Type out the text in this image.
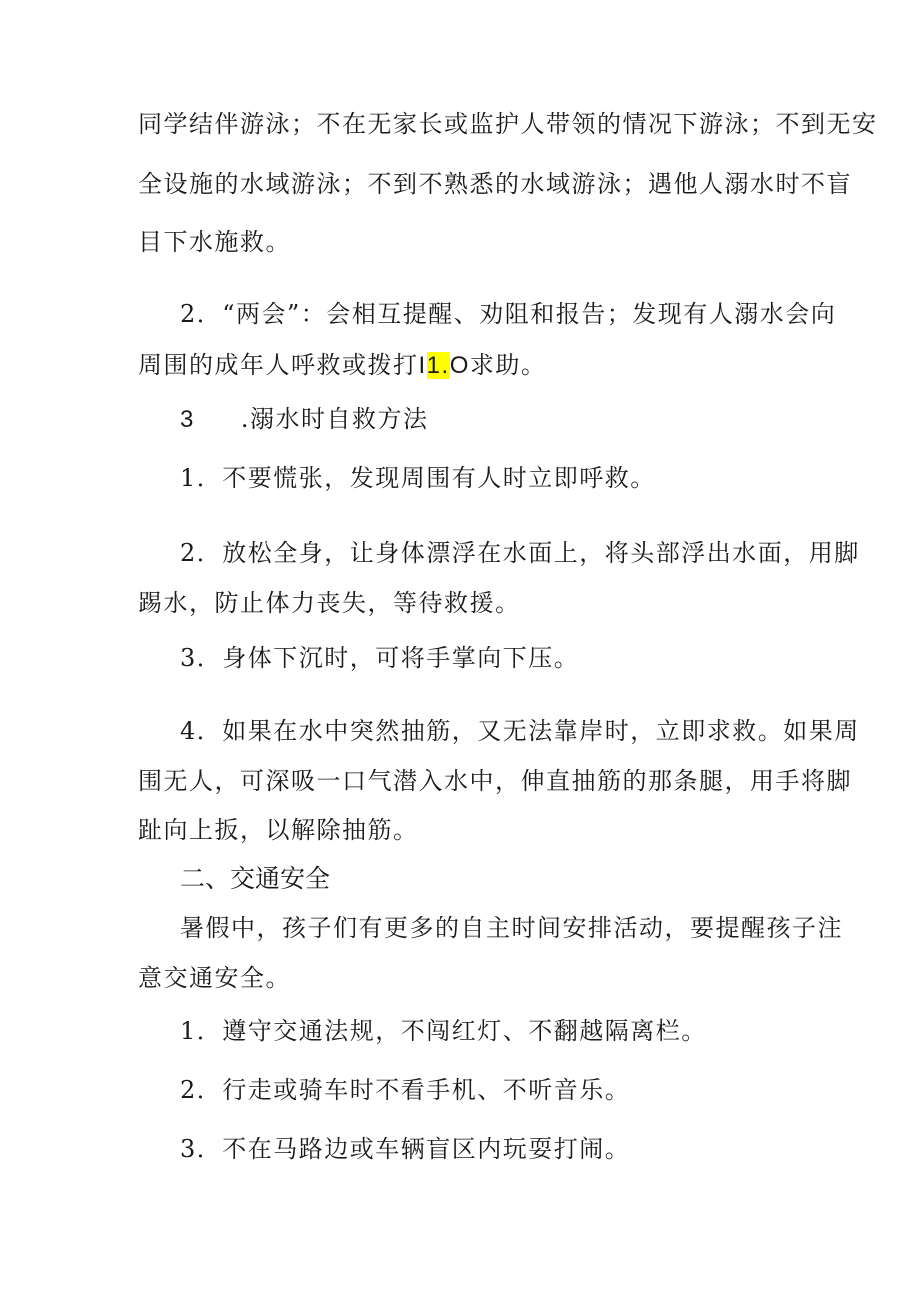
同学结伴游泳；不在无家长或监护人带领的情况下游泳；不到无安
全设施的水域游泳；不到不熟悉的水域游泳；遇他人溺水时不盲
目下水施救。
2．“两会”：会相互提醒、劝阻和报告；发现有人溺水会向
周围的成年人呼救或拨打I1.O求助。
3 .溺水时自救方法
1．不要慌张，发现周围有人时立即呼救。
2．放松全身，让身体漂浮在水面上，将头部浮出水面，用脚
踢水，防止体力丧失，等待救援。
3．身体下沉时，可将手掌向下压。
4．如果在水中突然抽筋，又无法靠岸时，立即求救。如果周
围无人，可深吸一口气潜入水中，伸直抽筋的那条腿，用手将脚
趾向上扳，以解除抽筋。
二、交通安全
暑假中，孩子们有更多的自主时间安排活动，要提醒孩子注
意交通安全。
1．遵守交通法规，不闯红灯、不翻越隔离栏。
2．行走或骑车时不看手机、不听音乐。
3．不在马路边或车辆盲区内玩耍打闹。
